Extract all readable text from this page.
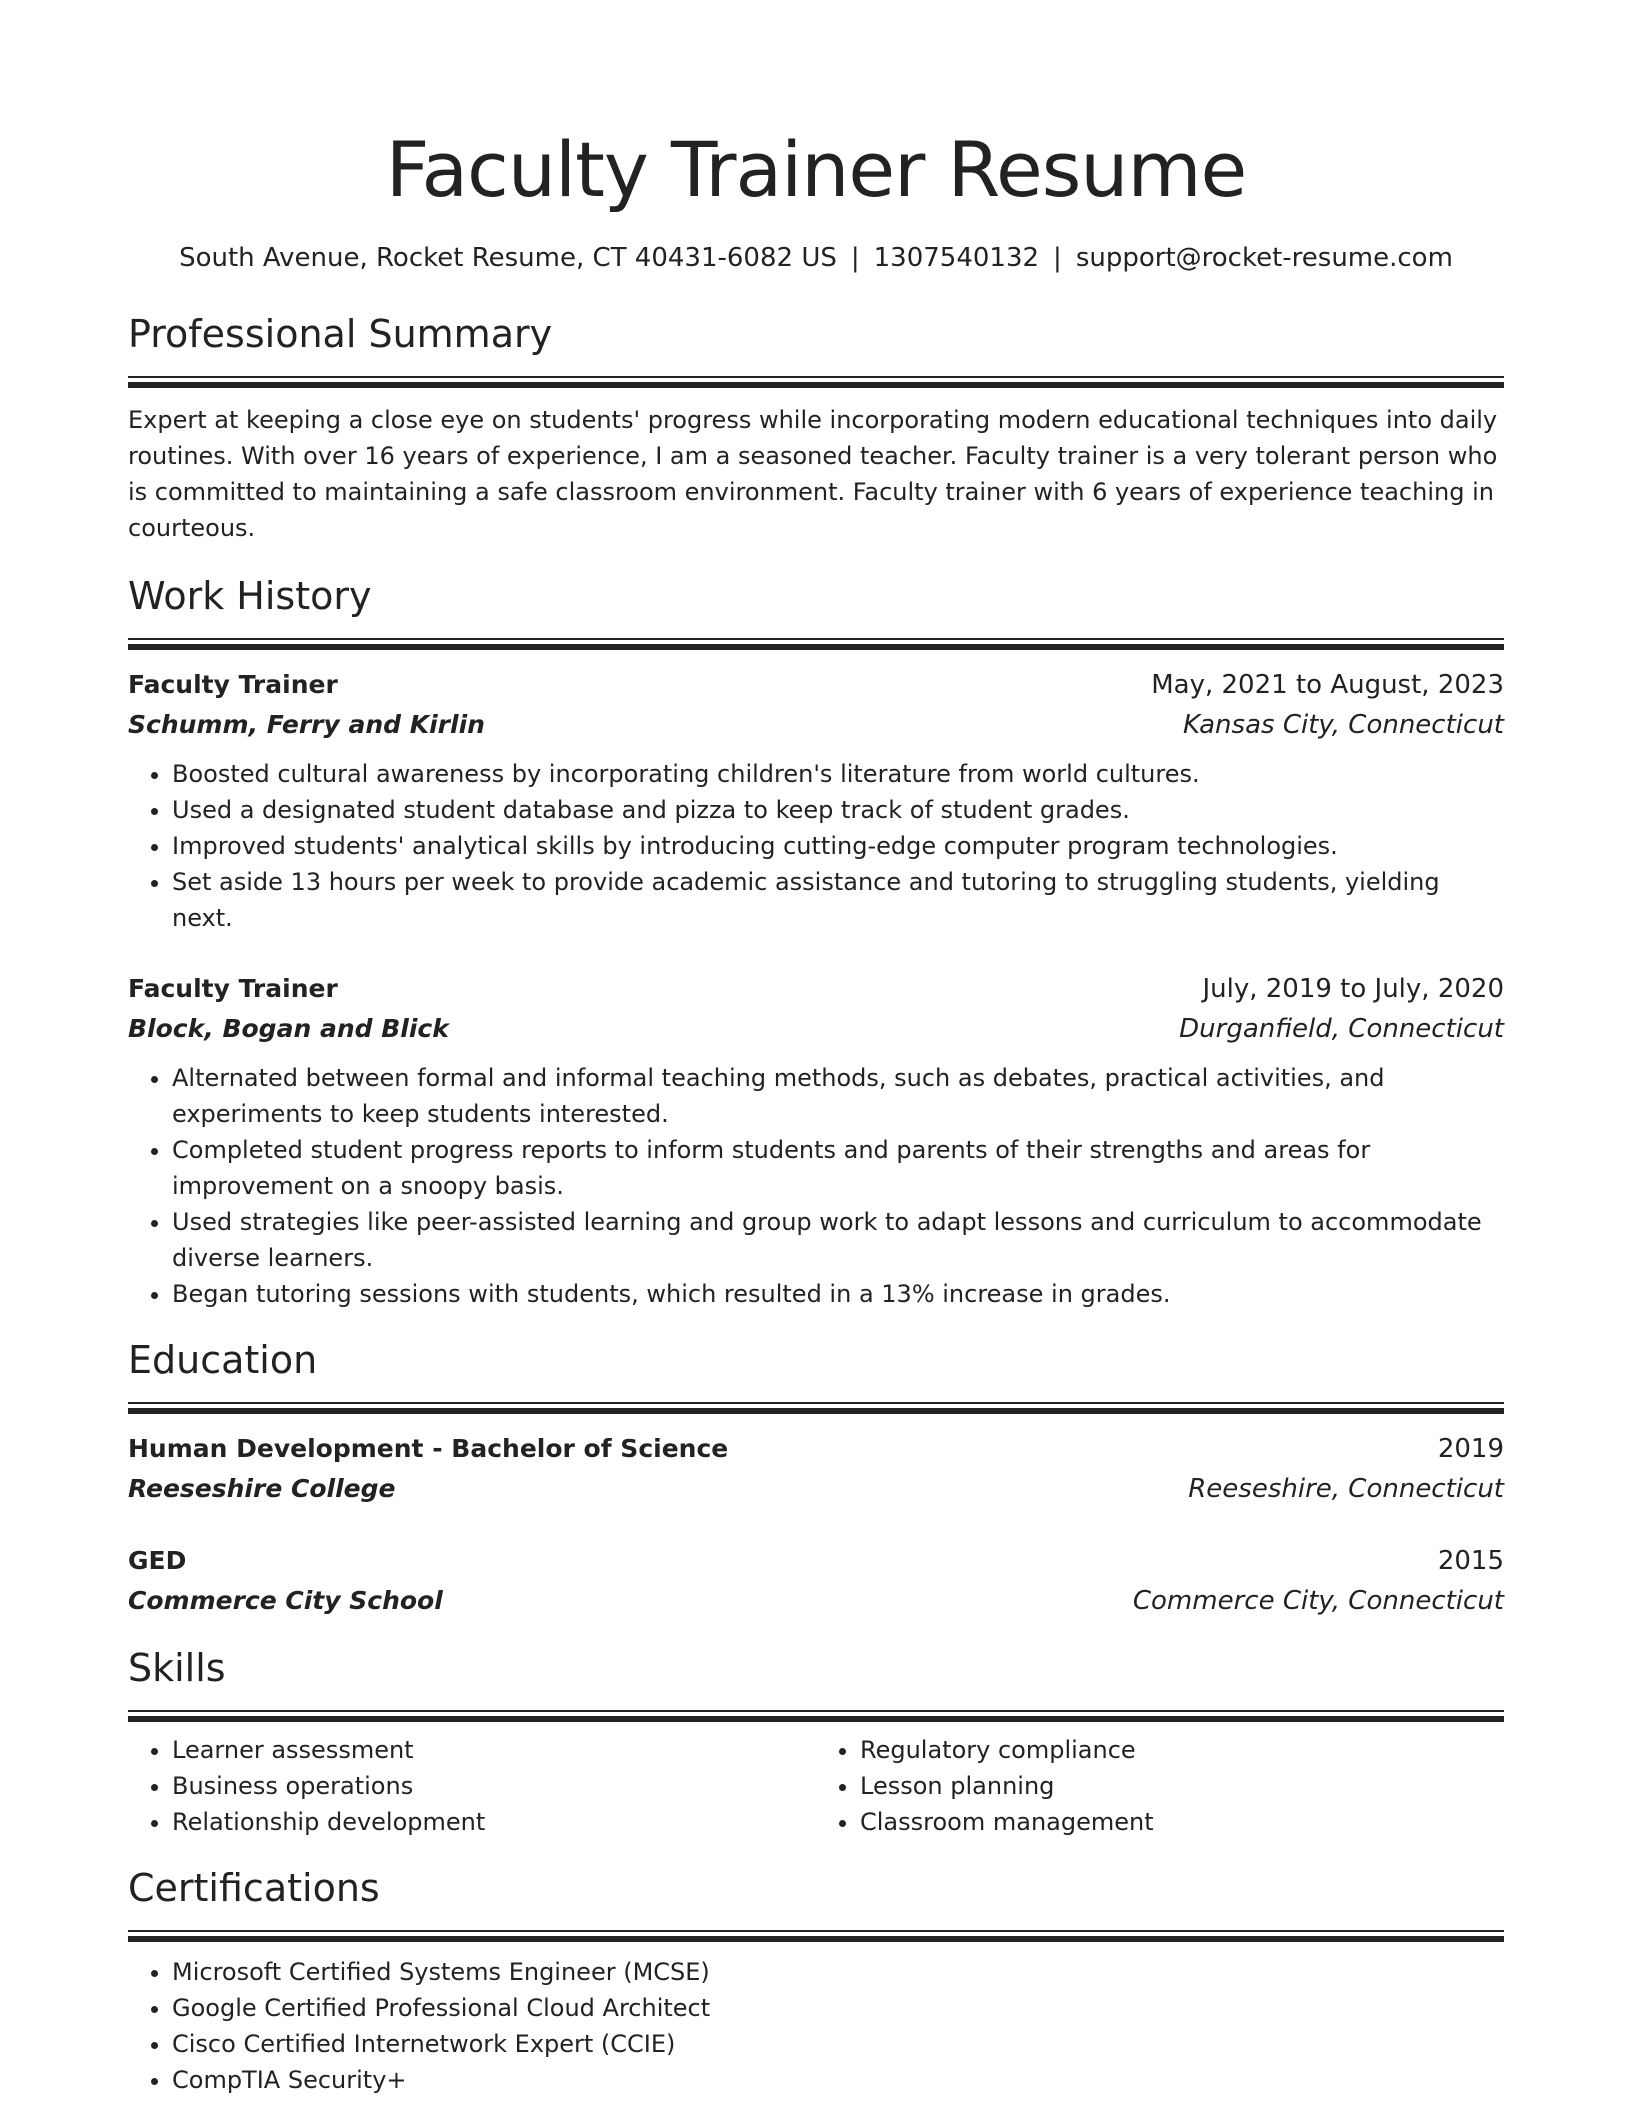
Faculty Trainer Resume
South Avenue, Rocket Resume, CT 40431-6082 US | 1307540132 | support@rocket-resume.com
Professional Summary
Expert at keeping a close eye on students' progress while incorporating modern educational techniques into daily routines. With over 16 years of experience, I am a seasoned teacher. Faculty trainer is a very tolerant person who is committed to maintaining a safe classroom environment. Faculty trainer with 6 years of experience teaching in courteous.
Work History
Faculty Trainer	May, 2021 to August, 2023
Schumm, Ferry and Kirlin	Kansas City, Connecticut
• Boosted cultural awareness by incorporating children's literature from world cultures.
• Used a designated student database and pizza to keep track of student grades.
• Improved students' analytical skills by introducing cutting-edge computer program technologies.
• Set aside 13 hours per week to provide academic assistance and tutoring to struggling students, yielding next.
Faculty Trainer	July, 2019 to July, 2020
Block, Bogan and Blick	Durganfield, Connecticut
• Alternated between formal and informal teaching methods, such as debates, practical activities, and experiments to keep students interested.
• Completed student progress reports to inform students and parents of their strengths and areas for improvement on a snoopy basis.
• Used strategies like peer-assisted learning and group work to adapt lessons and curriculum to accommodate diverse learners.
• Began tutoring sessions with students, which resulted in a 13% increase in grades.
Education
Human Development - Bachelor of Science	2019
Reeseshire College	Reeseshire, Connecticut
GED	2015
Commerce City School	Commerce City, Connecticut
Skills
• Learner assessment
• Business operations
• Relationship development
• Regulatory compliance
• Lesson planning
• Classroom management
Certifications
• Microsoft Certified Systems Engineer (MCSE)
• Google Certified Professional Cloud Architect
• Cisco Certified Internetwork Expert (CCIE)
• CompTIA Security+
